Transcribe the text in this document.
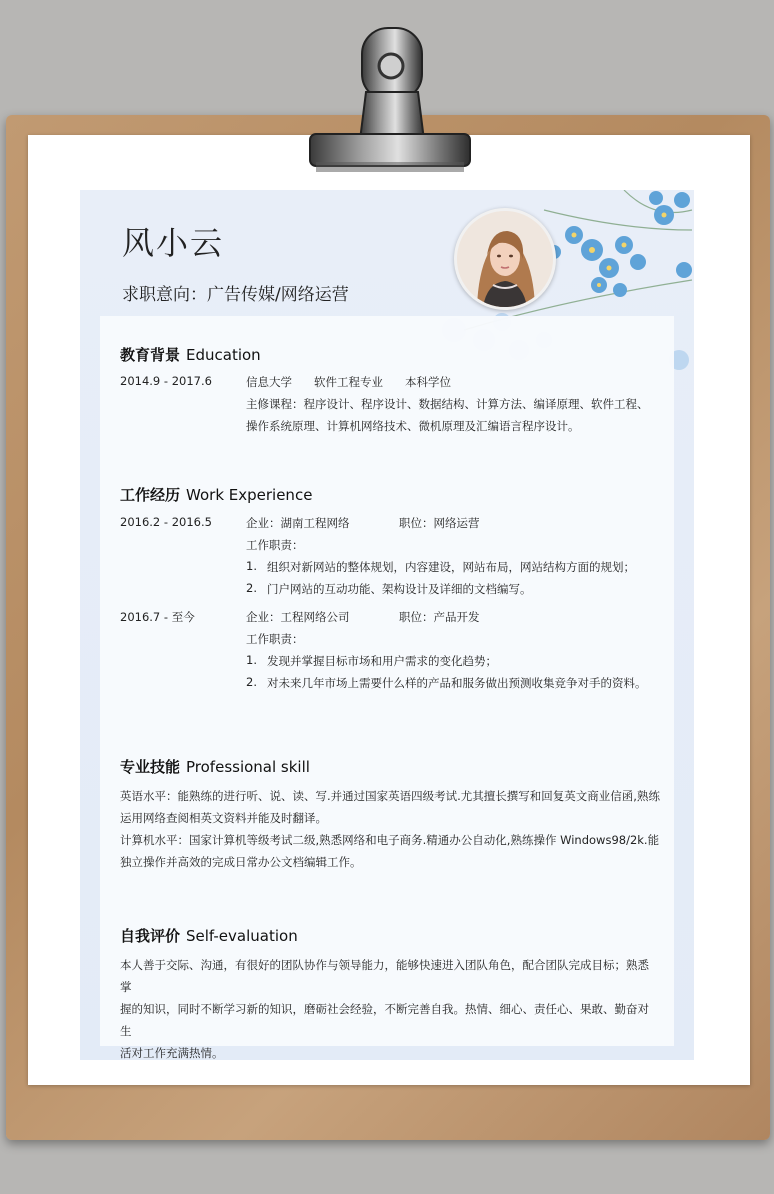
风小云
求职意向：广告传媒/网络运营
教育背景 Education
2014.9 - 2017.6	信息大学 软件工程专业 本科学位
主修课程：程序设计、程序设计、数据结构、计算方法、编译原理、软件工程、
操作系统原理、计算机网络技术、微机原理及汇编语言程序设计。
工作经历 Work Experience
2016.2 - 2016.5	企业：湖南工程网络	职位：网络运营
工作职责：
1. 组织对新网站的整体规划，内容建设，网站布局，网站结构方面的规划；
2. 门户网站的互动功能、架构设计及详细的文档编写。
2016.7 - 至今	企业：工程网络公司	职位：产品开发
工作职责：
1. 发现并掌握目标市场和用户需求的变化趋势；
2. 对未来几年市场上需要什么样的产品和服务做出预测收集竞争对手的资料。
专业技能 Professional skill

英语水平：能熟练的进行听、说、读、写.并通过国家英语四级考试.尤其擅长撰写和回复英文商业信函,熟练

运用网络查阅相英文资料并能及时翻译。

计算机水平：国家计算机等级考试二级,熟悉网络和电子商务.精通办公自动化,熟练操作 Windows98/2k.能

独立操作并高效的完成日常办公文档编辑工作。

自我评价 Self-evaluation

本人善于交际、沟通，有很好的团队协作与领导能力，能够快速进入团队角色，配合团队完成目标；熟悉掌

握的知识，同时不断学习新的知识，磨砺社会经验，不断完善自我。热情、细心、责任心、果敢、勤奋对生

活对工作充满热情。
